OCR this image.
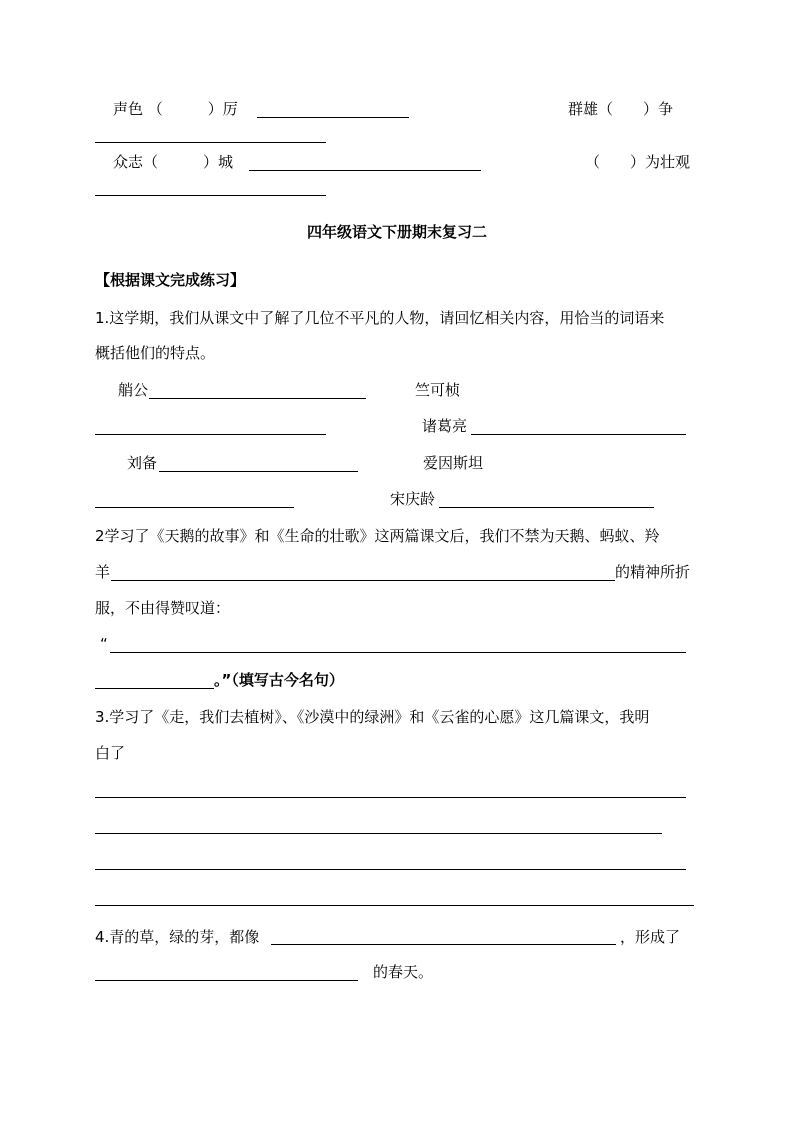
声色 （　　　）厉	群雄（　　）争
众志（　　　）城	（　　）为壮观
四年级语文下册期末复习二
【根据课文完成练习】
1.这学期，我们从课文中了解了几位不平凡的人物，请回忆相关内容，用恰当的词语来
概括他们的特点。
艄公	竺可桢
诸葛亮
刘备	爱因斯坦
宋庆龄
2学习了《天鹅的故事》和《生命的壮歌》这两篇课文后，我们不禁为天鹅、蚂蚁、羚
羊	的精神所折
服，不由得赞叹道：
“
。”（填写古今名句）
3.学习了《走，我们去植树》、《沙漠中的绿洲》和《云雀的心愿》这几篇课文，我明
白了
4.青的草，绿的芽，都像	，形成了
的春天。
